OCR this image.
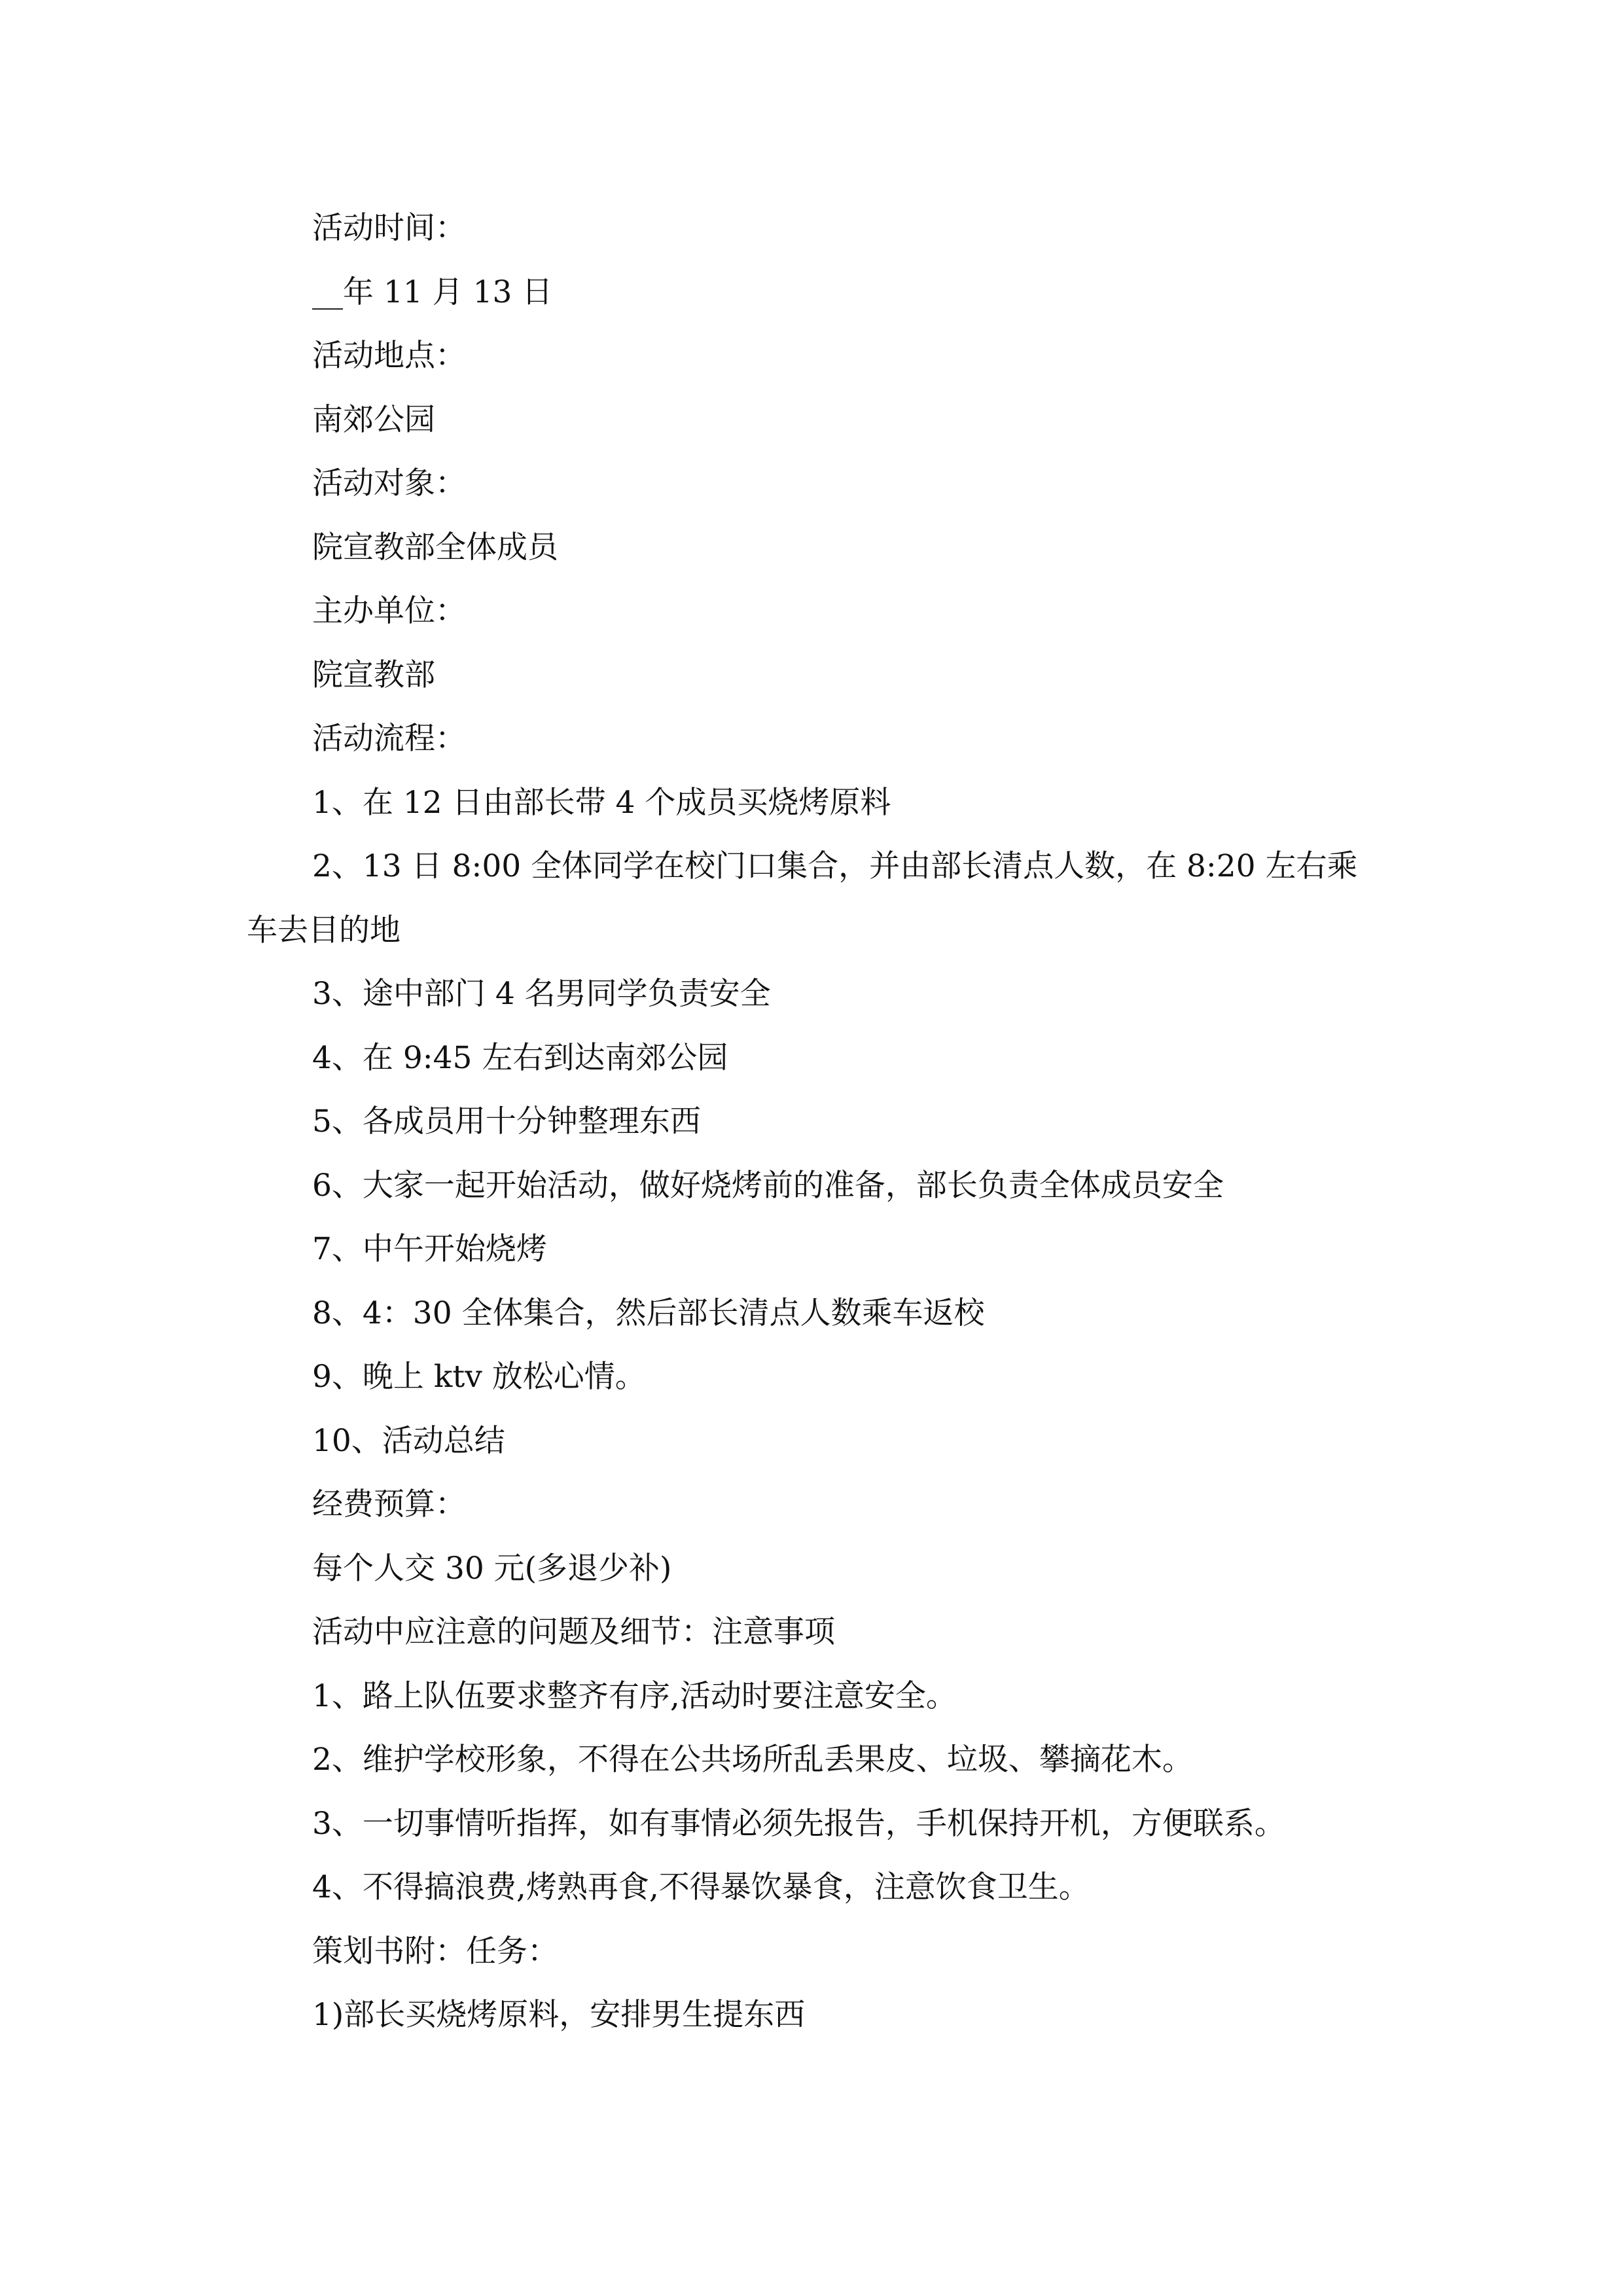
活动时间：
__年 11 月 13 日
活动地点：
南郊公园
活动对象：
院宣教部全体成员
主办单位：
院宣教部
活动流程：
1、在 12 日由部长带 4 个成员买烧烤原料
2、13 日 8:00 全体同学在校门口集合，并由部长清点人数，在 8:20 左右乘车去目的地
3、途中部门 4 名男同学负责安全
4、在 9:45 左右到达南郊公园
5、各成员用十分钟整理东西
6、大家一起开始活动，做好烧烤前的准备，部长负责全体成员安全
7、中午开始烧烤
8、4：30 全体集合，然后部长清点人数乘车返校
9、晚上 ktv 放松心情。
10、活动总结
经费预算：
每个人交 30 元(多退少补)
活动中应注意的问题及细节：注意事项
1、路上队伍要求整齐有序,活动时要注意安全。
2、维护学校形象，不得在公共场所乱丢果皮、垃圾、攀摘花木。
3、一切事情听指挥，如有事情必须先报告，手机保持开机，方便联系。
4、不得搞浪费,烤熟再食,不得暴饮暴食，注意饮食卫生。
策划书附：任务：
1)部长买烧烤原料，安排男生提东西
